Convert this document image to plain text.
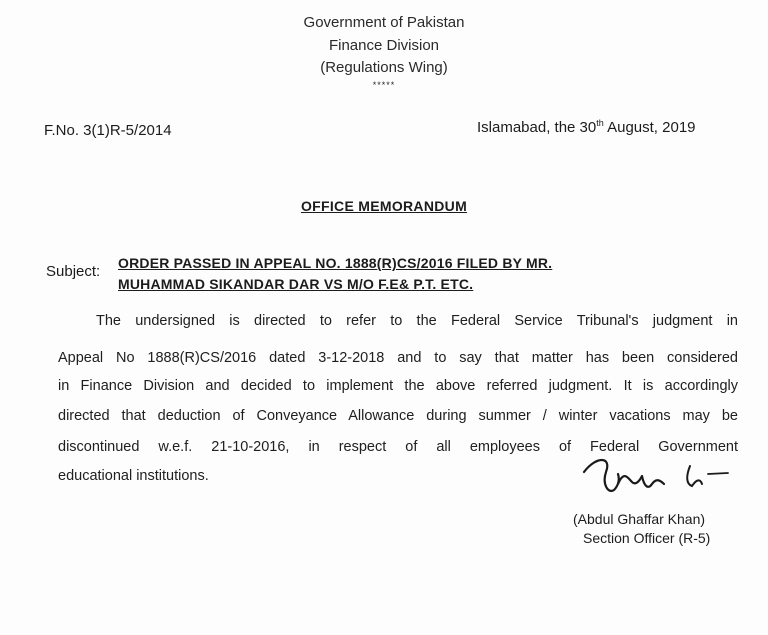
Government of Pakistan
Finance Division
(Regulations Wing)
*****
F.No. 3(1)R-5/2014	Islamabad, the 30th August, 2019
OFFICE MEMORANDUM
Subject: ORDER PASSED IN APPEAL NO. 1888(R)CS/2016 FILED BY MR.
MUHAMMAD SIKANDAR DAR VS M/O F.E& P.T. ETC.
The undersigned is directed to refer to the Federal Service Tribunal's judgment in
Appeal No 1888(R)CS/2016 dated 3-12-2018 and to say that matter has been considered
in Finance Division and decided to implement the above referred judgment. It is accordingly
directed that deduction of Conveyance Allowance during summer / winter vacations may be
discontinued w.e.f. 21-10-2016, in respect of all employees of Federal Government
educational institutions.
(Abdul Ghaffar Khan)
Section Officer (R-5)
